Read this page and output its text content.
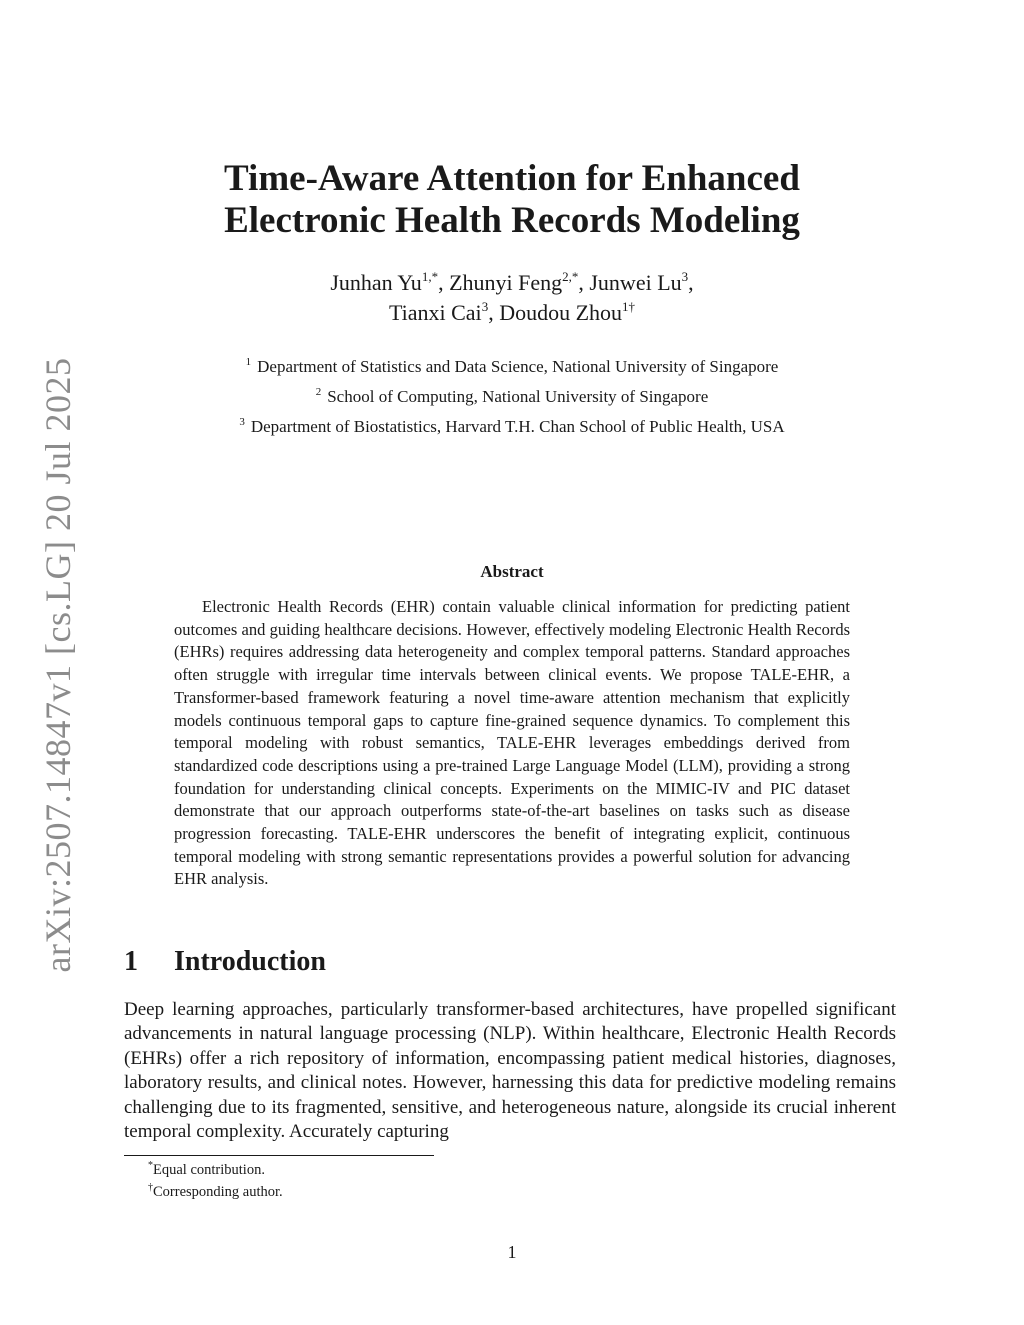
arXiv:2507.14847v1 [cs.LG] 20 Jul 2025
Time-Aware Attention for Enhanced
Electronic Health Records Modeling
Junhan $Yu^{1,*}$, Zhunyi Feng$^{2,*}$, Junwei Lu$^3$,
Tianxi Cai$^3$, Doudou Zhou$^{1\dagger}$
$^1$ Department of Statistics and Data Science, National University of Singapore
$^2$ School of Computing, National University of Singapore
$^3$ Department of Biostatistics, Harvard T.H. Chan School of Public Health, USA
Abstract

Electronic Health Records (EHR) contain valuable clinical information for predicting patient outcomes and guiding healthcare decisions. However, effectively modeling Electronic Health Records (EHRs) requires addressing data heterogeneity and complex temporal patterns. Standard approaches often struggle with irregular time intervals between clinical events. We propose TALE-EHR, a Transformer-based framework featuring a novel time-aware attention mechanism that explicitly models continuous temporal gaps to capture fine-grained sequence dynamics. To complement this temporal modeling with robust semantics, TALE-EHR leverages embeddings derived from standardized code descriptions using a pre-trained Large Language Model (LLM), providing a strong foundation for understanding clinical concepts. Experiments on the MIMIC-IV and PIC dataset demonstrate that our approach outperforms state-of-the-art baselines on tasks such as disease progression forecasting. TALE-EHR underscores the benefit of integrating explicit, continuous temporal modeling with strong semantic representations provides a powerful solution for advancing EHR analysis.

1 Introduction

Deep learning approaches, particularly transformer-based architectures, have propelled significant advancements in natural language processing (NLP). Within healthcare, Electronic Health Records (EHRs) offer a rich repository of information, encompassing patient medical histories, diagnoses, laboratory results, and clinical notes. However, harnessing this data for predictive modeling remains challenging due to its fragmented, sensitive, and heterogeneous nature, alongside its crucial inherent temporal complexity. Accurately capturing

*Equal contribution.
†Corresponding author.
1
